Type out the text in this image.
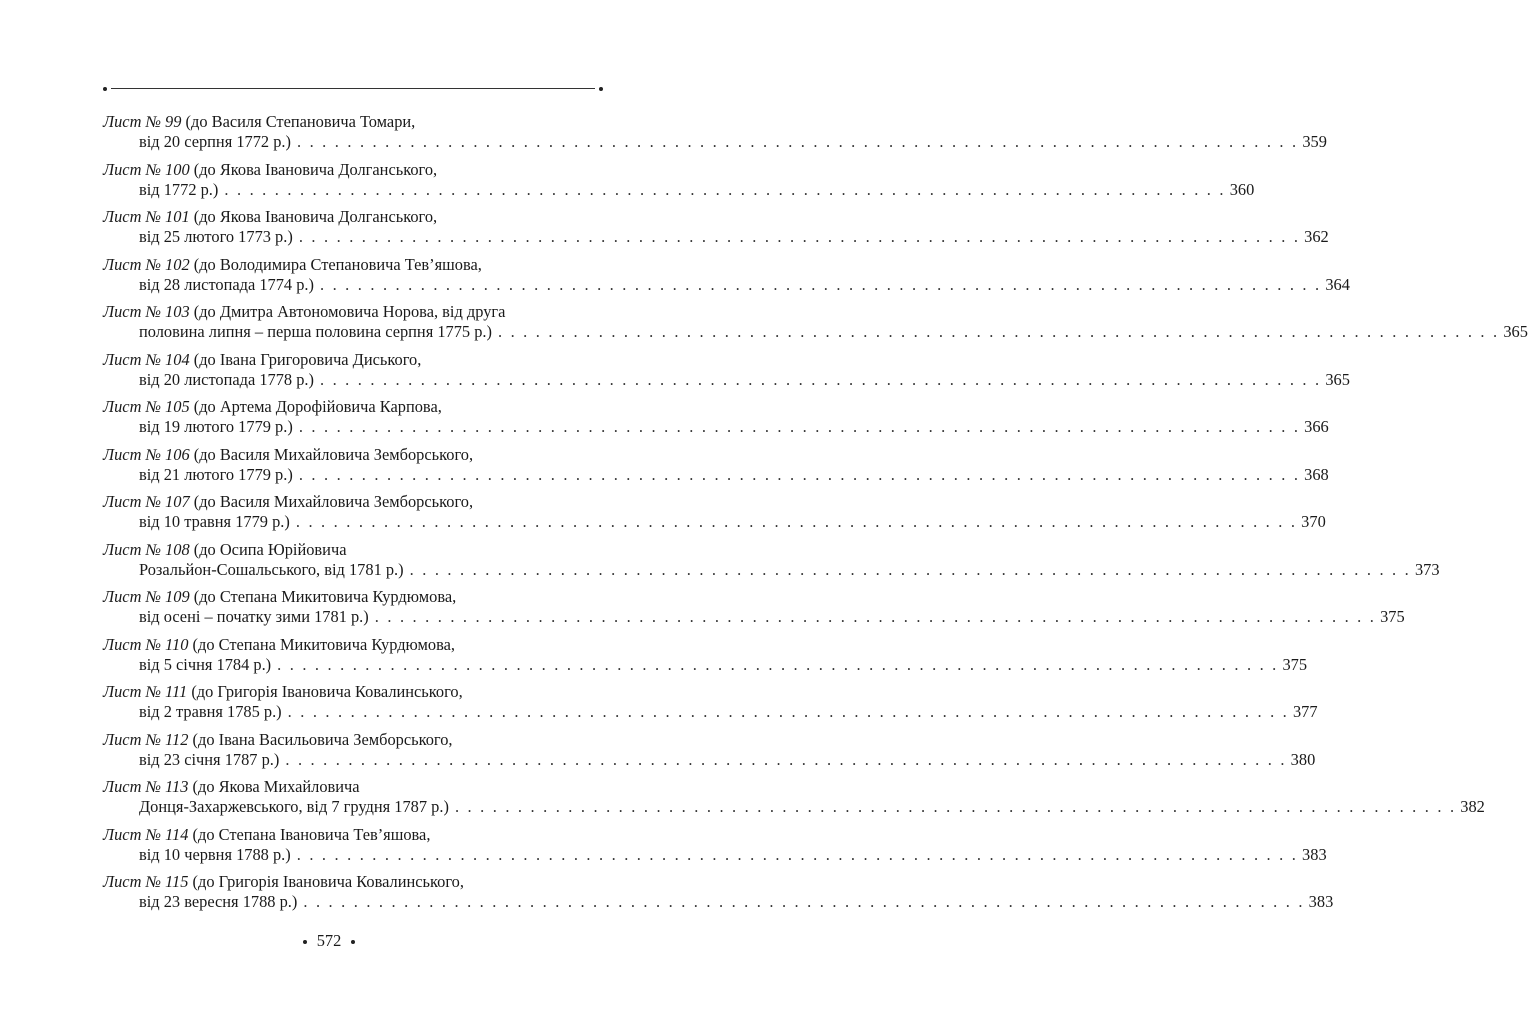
Лист № 99 (до Василя Степановича Томари,
від 20 серпня 1772 р.) . . . . . . . . . . . . . . . . . . . . . . . . . . . . . . . . . . . . . . . . . . . . . . . . . . . . . . . . . . . . . . . . . . . . . . . . . . . . . . . . 359
Лист № 100 (до Якова Івановича Долганського,
від 1772 р.) . . . . . . . . . . . . . . . . . . . . . . . . . . . . . . . . . . . . . . . . . . . . . . . . . . . . . . . . . . . . . . . . . . . . . . . . . . . . . . . . 360
Лист № 101 (до Якова Івановича Долганського,
від 25 лютого 1773 р.) . . . . . . . . . . . . . . . . . . . . . . . . . . . . . . . . . . . . . . . . . . . . . . . . . . . . . . . . . . . . . . . . . . . . . . . . . . . . . . . . 362
Лист № 102 (до Володимира Степановича Тев’яшова,
від 28 листопада 1774 р.) . . . . . . . . . . . . . . . . . . . . . . . . . . . . . . . . . . . . . . . . . . . . . . . . . . . . . . . . . . . . . . . . . . . . . . . . . . . . . . . . 364
Лист № 103 (до Дмитра Автономовича Норова, від друга
половина липня – перша половина серпня 1775 р.) . . . . . . . . . . . . . . . . . . . . . . . . . . . . . . . . . . . . . . . . . . . . . . . . . . . . . . . . . . . . . . . . . . . . . . . . . . . . . . . . 365
Лист № 104 (до Івана Григоровича Диського,
від 20 листопада 1778 р.) . . . . . . . . . . . . . . . . . . . . . . . . . . . . . . . . . . . . . . . . . . . . . . . . . . . . . . . . . . . . . . . . . . . . . . . . . . . . . . . . 365
Лист № 105 (до Артема Дорофійовича Карпова,
від 19 лютого 1779 р.) . . . . . . . . . . . . . . . . . . . . . . . . . . . . . . . . . . . . . . . . . . . . . . . . . . . . . . . . . . . . . . . . . . . . . . . . . . . . . . . . 366
Лист № 106 (до Василя Михайловича Земборського,
від 21 лютого 1779 р.) . . . . . . . . . . . . . . . . . . . . . . . . . . . . . . . . . . . . . . . . . . . . . . . . . . . . . . . . . . . . . . . . . . . . . . . . . . . . . . . . 368
Лист № 107 (до Василя Михайловича Земборського,
від 10 травня 1779 р.) . . . . . . . . . . . . . . . . . . . . . . . . . . . . . . . . . . . . . . . . . . . . . . . . . . . . . . . . . . . . . . . . . . . . . . . . . . . . . . . . 370
Лист № 108 (до Осипа Юрійовича
Розальйон-Сошальського, від 1781 р.) . . . . . . . . . . . . . . . . . . . . . . . . . . . . . . . . . . . . . . . . . . . . . . . . . . . . . . . . . . . . . . . . . . . . . . . . . . . . . . . . 373
Лист № 109 (до Степана Микитовича Курдюмова,
від осені – початку зими 1781 р.) . . . . . . . . . . . . . . . . . . . . . . . . . . . . . . . . . . . . . . . . . . . . . . . . . . . . . . . . . . . . . . . . . . . . . . . . . . . . . . . . 375
Лист № 110 (до Степана Микитовича Курдюмова,
від 5 січня 1784 р.) . . . . . . . . . . . . . . . . . . . . . . . . . . . . . . . . . . . . . . . . . . . . . . . . . . . . . . . . . . . . . . . . . . . . . . . . . . . . . . . . 375
Лист № 111 (до Григорія Івановича Ковалинського,
від 2 травня 1785 р.) . . . . . . . . . . . . . . . . . . . . . . . . . . . . . . . . . . . . . . . . . . . . . . . . . . . . . . . . . . . . . . . . . . . . . . . . . . . . . . . . 377
Лист № 112 (до Івана Васильовича Земборського,
від 23 січня 1787 р.) . . . . . . . . . . . . . . . . . . . . . . . . . . . . . . . . . . . . . . . . . . . . . . . . . . . . . . . . . . . . . . . . . . . . . . . . . . . . . . . . 380
Лист № 113 (до Якова Михайловича
Донця-Захаржевського, від 7 грудня 1787 р.) . . . . . . . . . . . . . . . . . . . . . . . . . . . . . . . . . . . . . . . . . . . . . . . . . . . . . . . . . . . . . . . . . . . . . . . . . . . . . . . . 382
Лист № 114 (до Степана Івановича Тев’яшова,
від 10 червня 1788 р.) . . . . . . . . . . . . . . . . . . . . . . . . . . . . . . . . . . . . . . . . . . . . . . . . . . . . . . . . . . . . . . . . . . . . . . . . . . . . . . . . 383
Лист № 115 (до Григорія Івановича Ковалинського,
від 23 вересня 1788 р.) . . . . . . . . . . . . . . . . . . . . . . . . . . . . . . . . . . . . . . . . . . . . . . . . . . . . . . . . . . . . . . . . . . . . . . . . . . . . . . . . 383
572
